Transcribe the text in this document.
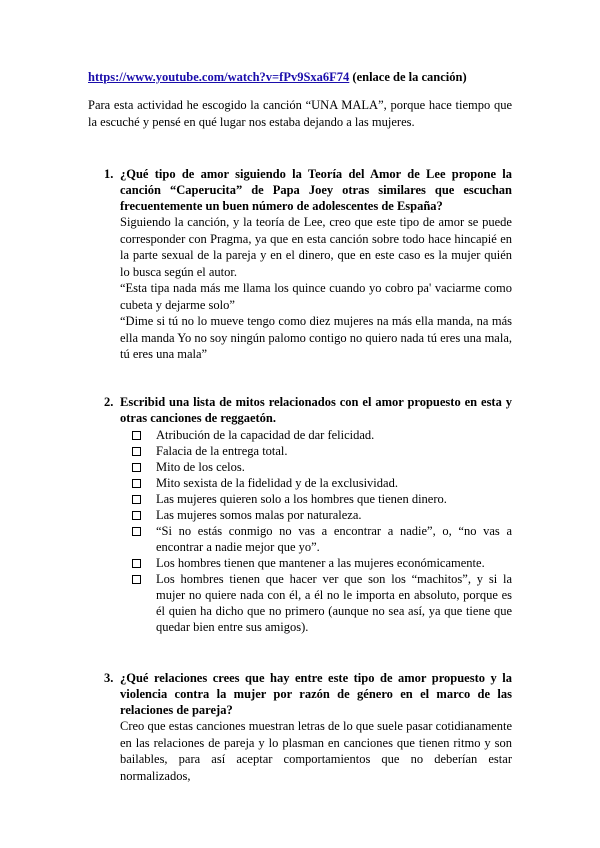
https://www.youtube.com/watch?v=fPv9Sxa6F74 (enlace de la canción)
Para esta actividad he escogido la canción “UNA MALA”, porque hace tiempo que la escuché y pensé en qué lugar nos estaba dejando a las mujeres.
1. ¿Qué tipo de amor siguiendo la Teoría del Amor de Lee propone la canción “Caperucita” de Papa Joey otras similares que escuchan frecuentemente un buen número de adolescentes de España?
Siguiendo la canción, y la teoría de Lee, creo que este tipo de amor se puede corresponder con Pragma, ya que en esta canción sobre todo hace hincapié en la parte sexual de la pareja y en el dinero, que en este caso es la mujer quién lo busca según el autor.
“Esta tipa nada más me llama los quince cuando yo cobro pa' vaciarme como cubeta y dejarme solo”
“Dime si tú no lo mueve tengo como diez mujeres na más ella manda, na más ella manda Yo no soy ningún palomo contigo no quiero nada tú eres una mala, tú eres una mala”
2. Escribid una lista de mitos relacionados con el amor propuesto en esta y otras canciones de reggaetón.
Atribución de la capacidad de dar felicidad.
Falacia de la entrega total.
Mito de los celos.
Mito sexista de la fidelidad y de la exclusividad.
Las mujeres quieren solo a los hombres que tienen dinero.
Las mujeres somos malas por naturaleza.
“Si no estás conmigo no vas a encontrar a nadie”, o, “no vas a encontrar a nadie mejor que yo”.
Los hombres tienen que mantener a las mujeres económicamente.
Los hombres tienen que hacer ver que son los “machitos”, y si la mujer no quiere nada con él, a él no le importa en absoluto, porque es él quien ha dicho que no primero (aunque no sea así, ya que tiene que quedar bien entre sus amigos).
3. ¿Qué relaciones crees que hay entre este tipo de amor propuesto y la violencia contra la mujer por razón de género en el marco de las relaciones de pareja?
Creo que estas canciones muestran letras de lo que suele pasar cotidianamente en las relaciones de pareja y lo plasman en canciones que tienen ritmo y son bailables, para así aceptar comportamientos que no deberían estar normalizados,
